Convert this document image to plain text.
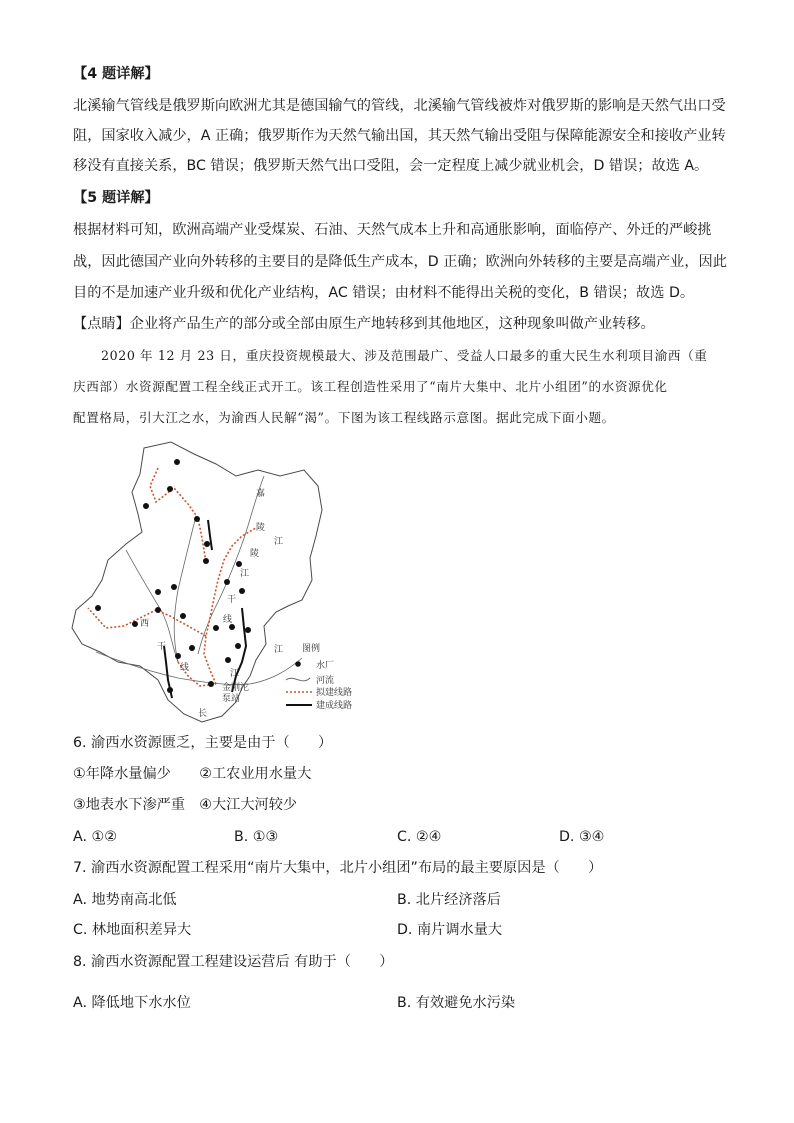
【4 题详解】
北溪输气管线是俄罗斯向欧洲尤其是德国输气的管线，北溪输气管线被炸对俄罗斯的影响是天然气出口受
阻，国家收入减少，A 正确；俄罗斯作为天然气输出国，其天然气输出受阻与保障能源安全和接收产业转
移没有直接关系，BC 错误；俄罗斯天然气出口受阻，会一定程度上减少就业机会，D 错误；故选 A。
【5 题详解】
根据材料可知，欧洲高端产业受煤炭、石油、天然气成本上升和高通胀影响，面临停产、外迁的严峻挑
战，因此德国产业向外转移的主要目的是降低生产成本，D 正确；欧洲向外转移的主要是高端产业，因此
目的不是加速产业升级和优化产业结构，AC 错误；由材料不能得出关税的变化，B 错误；故选 D。
【点睛】企业将产品生产的部分或全部由原生产地转移到其他地区，这种现象叫做产业转移。
2020 年 12 月 23 日，重庆投资规模最大、涉及范围最广、受益人口最多的重大民生水利项目渝西（重
庆西部）水资源配置工程全线正式开工。该工程创造性采用了“南片大集中、北片小组团”的水资源优化
配置格局，引大江之水，为渝西人民解“渴”。下图为该工程线路示意图。据此完成下面小题。
嘉
陵
江
陵
江
西
干
线
江
干
线
长
江
金刚沱
泵站
图例
水厂
河流
拟建线路
建成线路
6. 渝西水资源匮乏，主要是由于（　　）
①年降水量偏少　　②工农业用水量大
③地表水下渗严重　④大江大河较少
A. ①②	B. ①③	C. ②④	D. ③④
7. 渝西水资源配置工程采用“南片大集中，北片小组团”布局的最主要原因是（　　）
A. 地势南高北低	B. 北片经济落后
C. 林地面积差异大	D. 南片调水量大
8. 渝西水资源配置工程建设运营后 有助于（　　）
A. 降低地下水水位	B. 有效避免水污染
